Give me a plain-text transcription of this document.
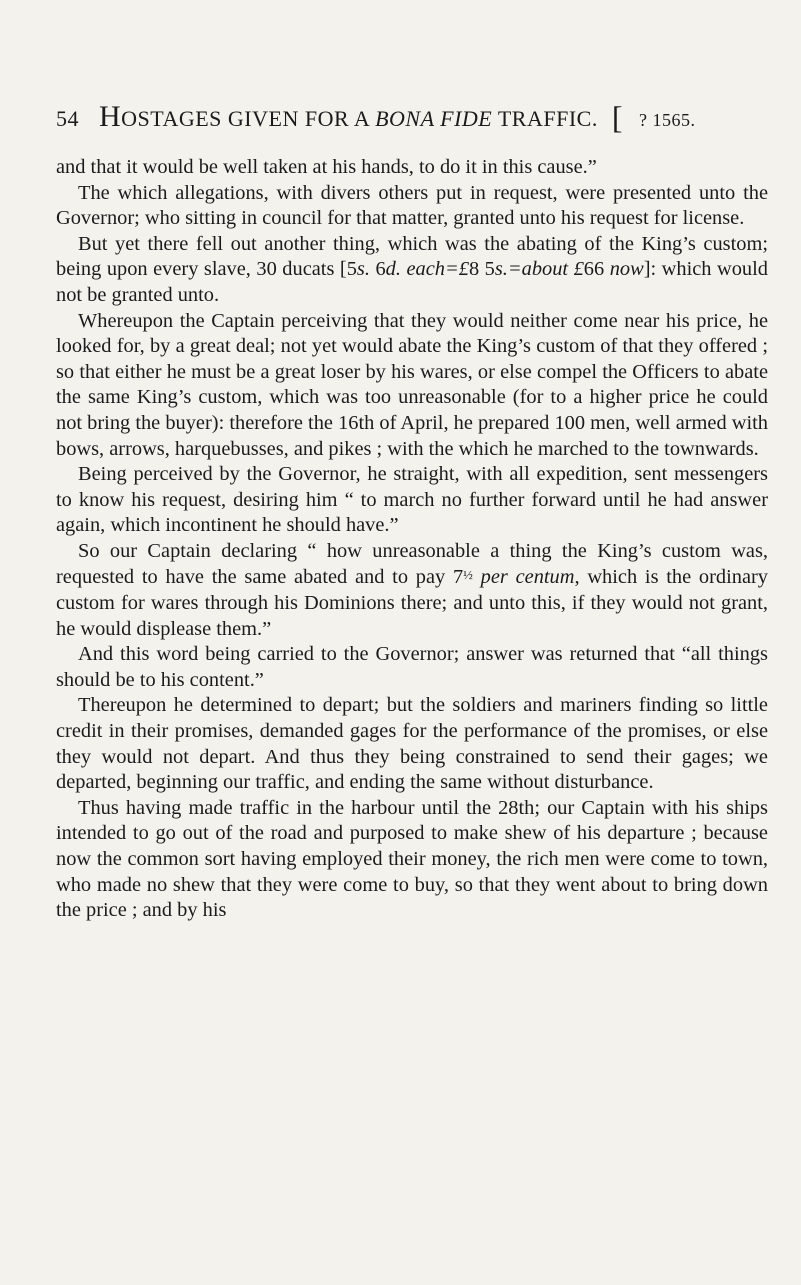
54 HOSTAGES GIVEN FOR A BONA FIDE TRAFFIC. [ ? 1565.

and that it would be well taken at his hands, to do it in this cause.”

The which allegations, with divers others put in request, were presented unto the Governor; who sitting in council for that matter, granted unto his request for license.

But yet there fell out another thing, which was the abating of the King’s custom; being upon every slave, 30 ducats [5s. 6d. each=£8 5s.=about £66 now]: which would not be granted unto.

Whereupon the Captain perceiving that they would neither come near his price, he looked for, by a great deal; not yet would abate the King’s custom of that they offered ; so that either he must be a great loser by his wares, or else compel the Officers to abate the same King’s custom, which was too unreasonable (for to a higher price he could not bring the buyer): therefore the 16th of April, he prepared 100 men, well armed with bows, arrows, harquebusses, and pikes ; with the which he marched to the townwards.

Being perceived by the Governor, he straight, with all expedition, sent messengers to know his request, desiring him “ to march no further forward until he had answer again, which incontinent he should have.”

So our Captain declaring “ how unreasonable a thing the King’s custom was, requested to have the same abated and to pay 7½ per centum, which is the ordinary custom for wares through his Dominions there; and unto this, if they would not grant, he would displease them.”

And this word being carried to the Governor; answer was returned that “all things should be to his content.”

Thereupon he determined to depart; but the soldiers and mariners finding so little credit in their promises, demanded gages for the performance of the promises, or else they would not depart. And thus they being constrained to send their gages; we departed, beginning our traffic, and ending the same without disturbance.

Thus having made traffic in the harbour until the 28th; our Captain with his ships intended to go out of the road and purposed to make shew of his departure ; because now the common sort having employed their money, the rich men were come to town, who made no shew that they were come to buy, so that they went about to bring down the price ; and by his
